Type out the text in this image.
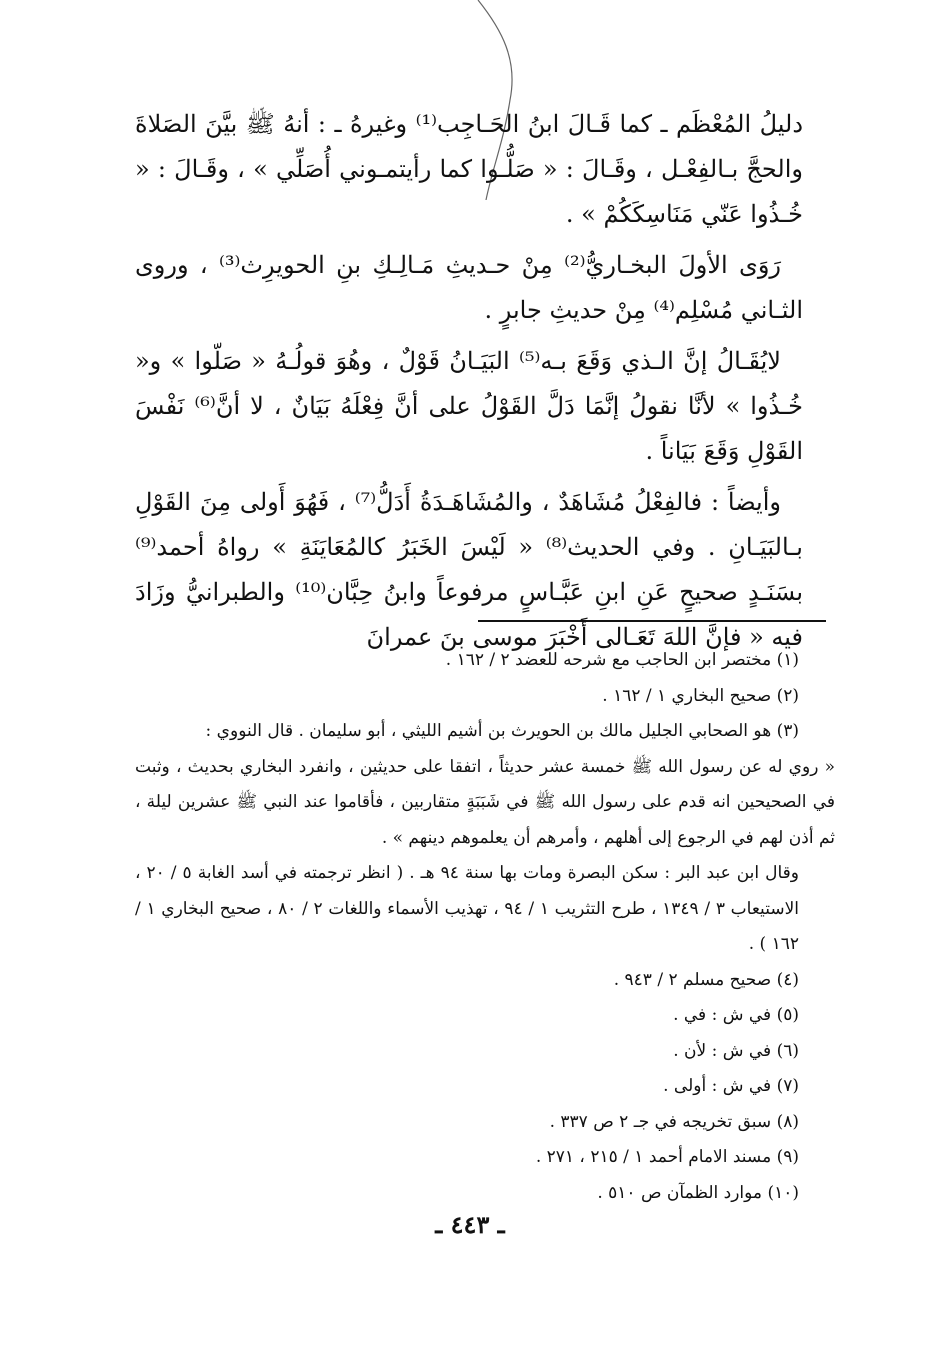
دليلُ المُعْظَم ـ كما قَـالَ ابنُ الحَـاجِب⁽¹⁾ وغيرهُ ـ : أنهُ ﷺ بيَّنَ الصَلاةَ والحجَّ بـالفِعْـل ، وقَـالَ : « صَلُّـوا كما رأيتمـوني أُصَلِّي » ، وقَـالَ : « خُـذُوا عَنّي مَنَاسِكَكُمْ » .

رَوَى الأولَ البخـاريُّ⁽²⁾ مِنْ حـديثِ مَـالِـكِ بنِ الحويرِث⁽³⁾ ، وروى الثـاني مُسْلِم⁽⁴⁾ مِنْ حديثِ جابرٍ .

لايُقَـالُ إنَّ الـذي وَقَعَ بـه⁽⁵⁾ البَيَـانُ قَوْلٌ ، وهُوَ قولُـهُ « صَلّوا » و« خُـذُوا » لأنَّا نقولُ إنَّمَا دَلَّ القَوْلُ على أنَّ فِعْلَهُ بَيَانٌ ، لا أنَّ⁽⁶⁾ نَفْسَ القَوْلِ وَقَعَ بَيَاناً .

وأيضاً : فالفِعْلُ مُشَاهَدٌ ، والمُشَاهَـدَةُ أَدَلُّ⁽⁷⁾ ، فَهُوَ أَولى مِنَ القَوْلِ بـالبَيَـانِ . وفي الحديث⁽⁸⁾ « لَيْسَ الخَبَرُ كالمُعَايَنَةِ » رواهُ أحمد⁽⁹⁾ بسَنَـدٍ صحيحٍ عَنِ ابنِ عَبَّـاسٍ مرفوعاً وابنُ حِبَّان⁽¹⁰⁾ والطبرانيُّ وزَادَ فيه « فإنَّ اللهَ تَعَـالى أَخْبَرَ موسى بنَ عمرانَ

(١) مختصر ابن الحاجب مع شرحه للعضد ٢ / ١٦٢ .

(٢) صحيح البخاري ١ / ١٦٢ .

(٣) هو الصحابي الجليل مالك بن الحويرث بن أشيم الليثي ، أبو سليمان . قال النووي :

« روي له عن رسول الله ﷺ خمسة عشر حديثاً ، اتفقا على حديثين ، وانفرد البخاري بحديث ، وثبت في الصحيحين انه قدم على رسول الله ﷺ في شَبَبَةٍ متقاربين ، فأقاموا عند النبي ﷺ عشرين ليلة ، ثم أذن لهم في الرجوع إلى أهلهم ، وأمرهم أن يعلموهم دينهم » .

وقال ابن عبد البر : سكن البصرة ومات بها سنة ٩٤ هـ . ( انظر ترجمته في أسد الغابة ٥ / ٢٠ ، الاستيعاب ٣ / ١٣٤٩ ، طرح التثريب ١ / ٩٤ ، تهذيب الأسماء واللغات ٢ / ٨٠ ، صحيح البخاري ١ / ١٦٢ ) .

(٤) صحيح مسلم ٢ / ٩٤٣ .

(٥) في ش : في .

(٦) في ش : لأن .

(٧) في ش : أولى .

(٨) سبق تخريجه في جـ ٢ ص ٣٣٧ .

(٩) مسند الامام أحمد ١ / ٢١٥ ، ٢٧١ .

(١٠) موارد الظمآن ص ٥١٠ .

ـ ٤٤٣ ـ
